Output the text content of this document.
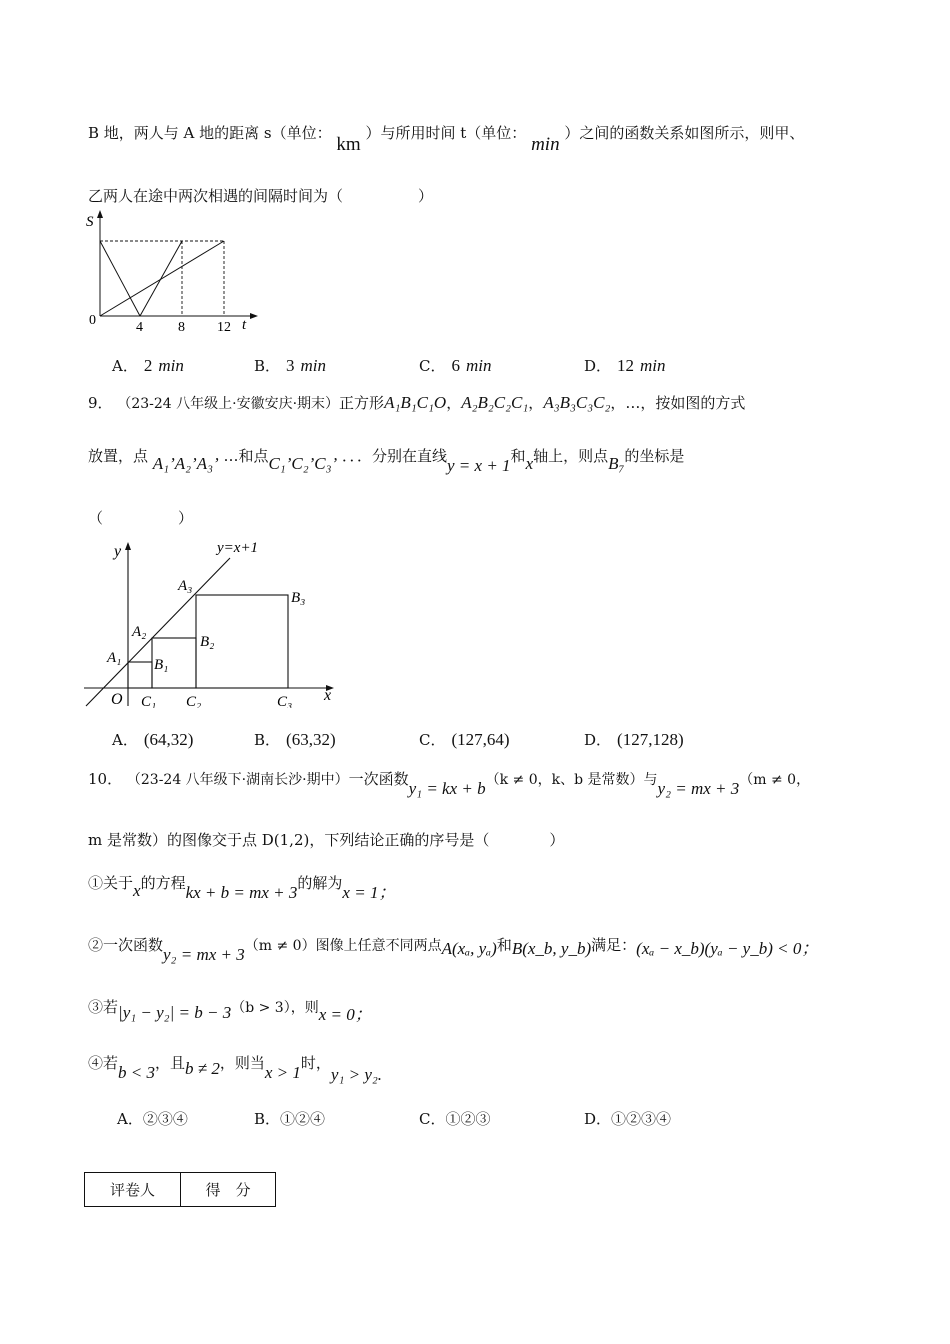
B 地，两人与 A 地的距离 s（单位： km ）与所用时间 t（单位： min ）之间的函数关系如图所示，则甲、
乙两人在途中两次相遇的间隔时间为（　　　　　）
S
0	4	8 12 t
A． 2 min	B． 3 min	C． 6 min	D． 12 min
9． （23-24 八年级上·安徽安庆·期末）正方形A₁B₁C₁O，A₂B₂C₂C₁，A₃B₃C₃C₂，…，按如图的方式
放置，点 A₁’A₂’A₃’ …和点C₁’C₂’C₃’ ．．．分别在直线y = x + 1和x轴上，则点B₇的坐标是
（　　　　　）
y	y=x+1
O	x
A₁
A₂
A₃
B₁
B₂
B₃
C₁ C₂	C₃
A． (64,32)	B． (63,32)	C． (127,64)	D． (127,128)
10． （23-24 八年级下·湖南长沙·期中）一次函数y₁ = kx + b（k ≠ 0，k、b 是常数）与y₂ = mx + 3（m ≠ 0，
m 是常数）的图像交于点 D(1,2)，下列结论正确的序号是（　　　　）
①关于x的方程kx + b = mx + 3的解为x = 1；
②一次函数y₂ = mx + 3（m ≠ 0）图像上任意不同两点A(xₐ, yₐ)和B(x_b, y_b)满足：(xₐ − x_b)(yₐ − y_b) < 0；
③若|y₁ − y₂| = b − 3（b > 3），则x = 0；
④若b < 3，且b ≠ 2，则当x > 1时，y₁ > y₂.
A．②③④	B．①②④	C．①②③	D．①②③④
评卷人	得　分
